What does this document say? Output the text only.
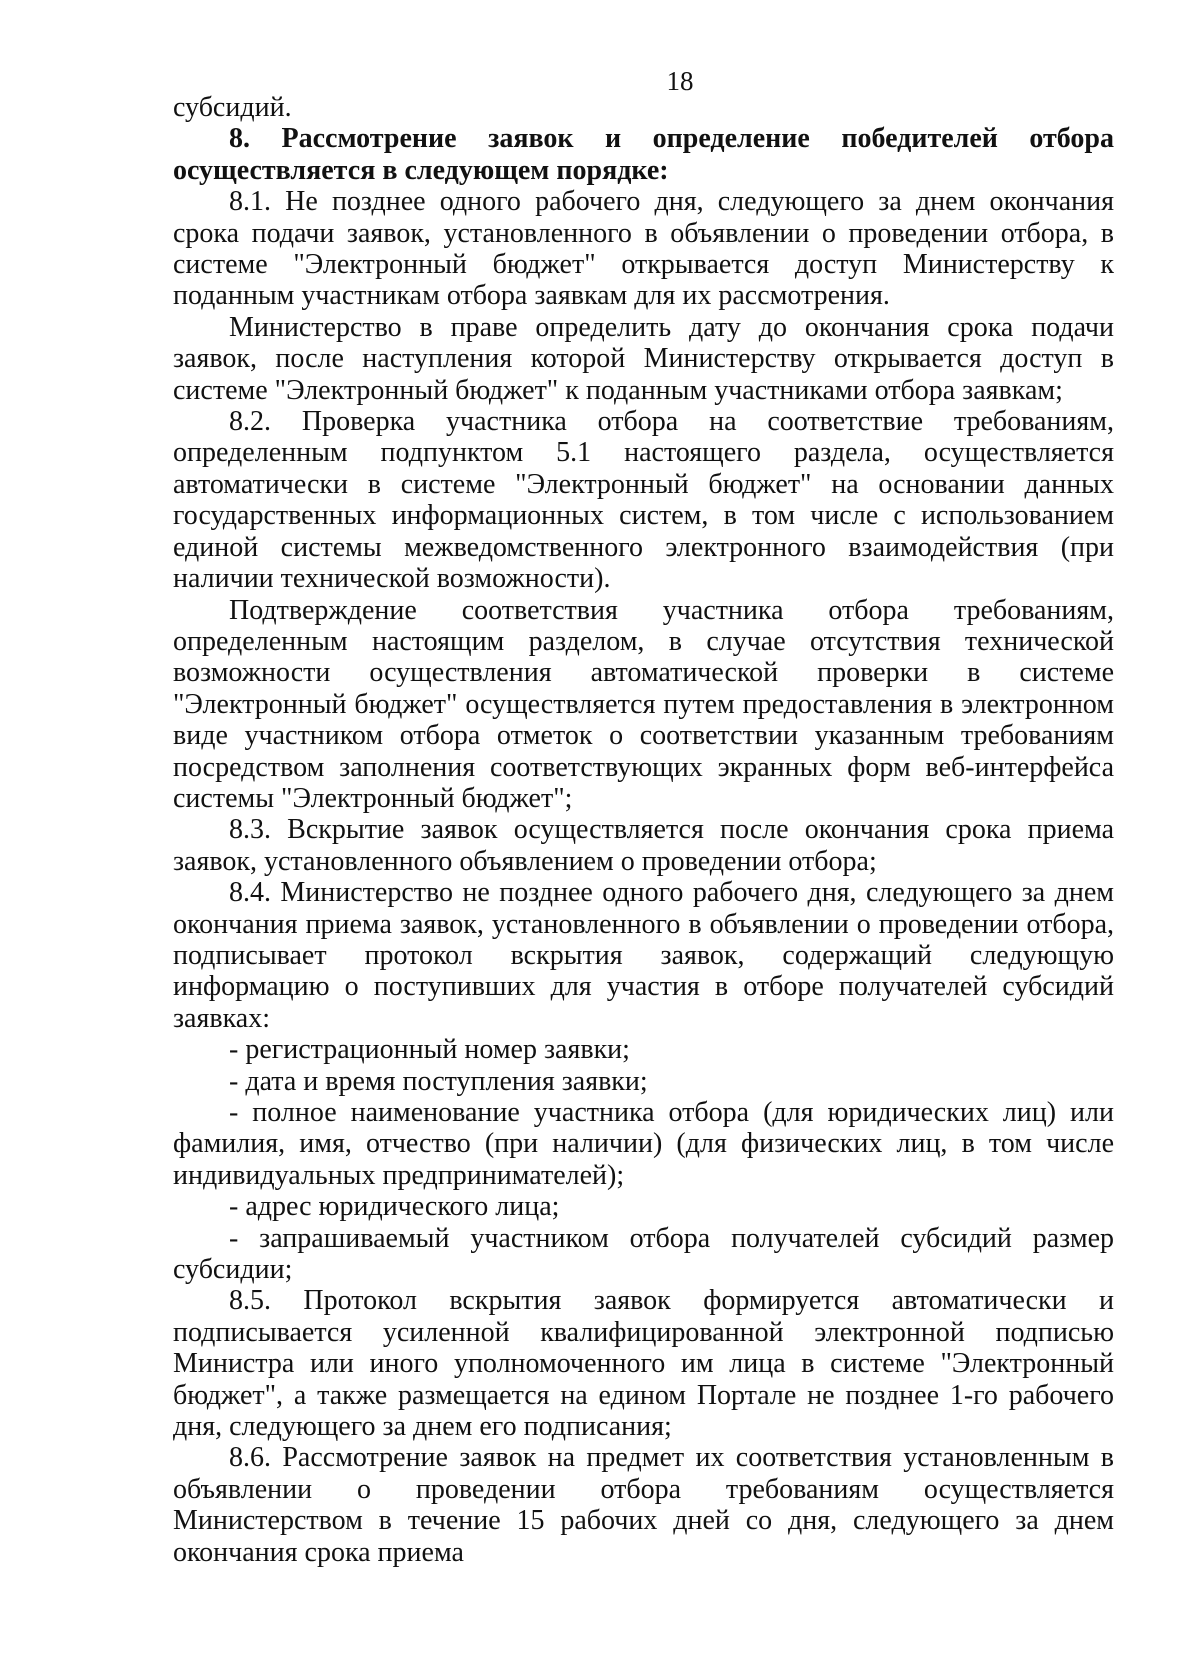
18

субсидий.

8. Рассмотрение заявок и определение победителей отбора осуществляется в следующем порядке:

8.1. Не позднее одного рабочего дня, следующего за днем окончания срока подачи заявок, установленного в объявлении о проведении отбора, в системе "Электронный бюджет" открывается доступ Министерству к поданным участникам отбора заявкам для их рассмотрения.

Министерство в праве определить дату до окончания срока подачи заявок, после наступления которой Министерству открывается доступ в системе "Электронный бюджет" к поданным участниками отбора заявкам;

8.2. Проверка участника отбора на соответствие требованиям, определенным подпунктом 5.1 настоящего раздела, осуществляется автоматически в системе "Электронный бюджет" на основании данных государственных информационных систем, в том числе с использованием единой системы межведомственного электронного взаимодействия (при наличии технической возможности).

Подтверждение соответствия участника отбора требованиям, определенным настоящим разделом, в случае отсутствия технической возможности осуществления автоматической проверки в системе "Электронный бюджет" осуществляется путем предоставления в электронном виде участником отбора отметок о соответствии указанным требованиям посредством заполнения соответствующих экранных форм веб-интерфейса системы "Электронный бюджет";

8.3. Вскрытие заявок осуществляется после окончания срока приема заявок, установленного объявлением о проведении отбора;

8.4. Министерство не позднее одного рабочего дня, следующего за днем окончания приема заявок, установленного в объявлении о проведении отбора, подписывает протокол вскрытия заявок, содержащий следующую информацию о поступивших для участия в отборе получателей субсидий заявках:

- регистрационный номер заявки;

- дата и время поступления заявки;

- полное наименование участника отбора (для юридических лиц) или фамилия, имя, отчество (при наличии) (для физических лиц, в том числе индивидуальных предпринимателей);

- адрес юридического лица;

- запрашиваемый участником отбора получателей субсидий размер субсидии;

8.5. Протокол вскрытия заявок формируется автоматически и подписывается усиленной квалифицированной электронной подписью Министра или иного уполномоченного им лица в системе "Электронный бюджет", а также размещается на едином Портале не позднее 1-го рабочего дня, следующего за днем его подписания;

8.6. Рассмотрение заявок на предмет их соответствия установленным в объявлении о проведении отбора требованиям осуществляется Министерством в течение 15 рабочих дней со дня, следующего за днем окончания срока приема
